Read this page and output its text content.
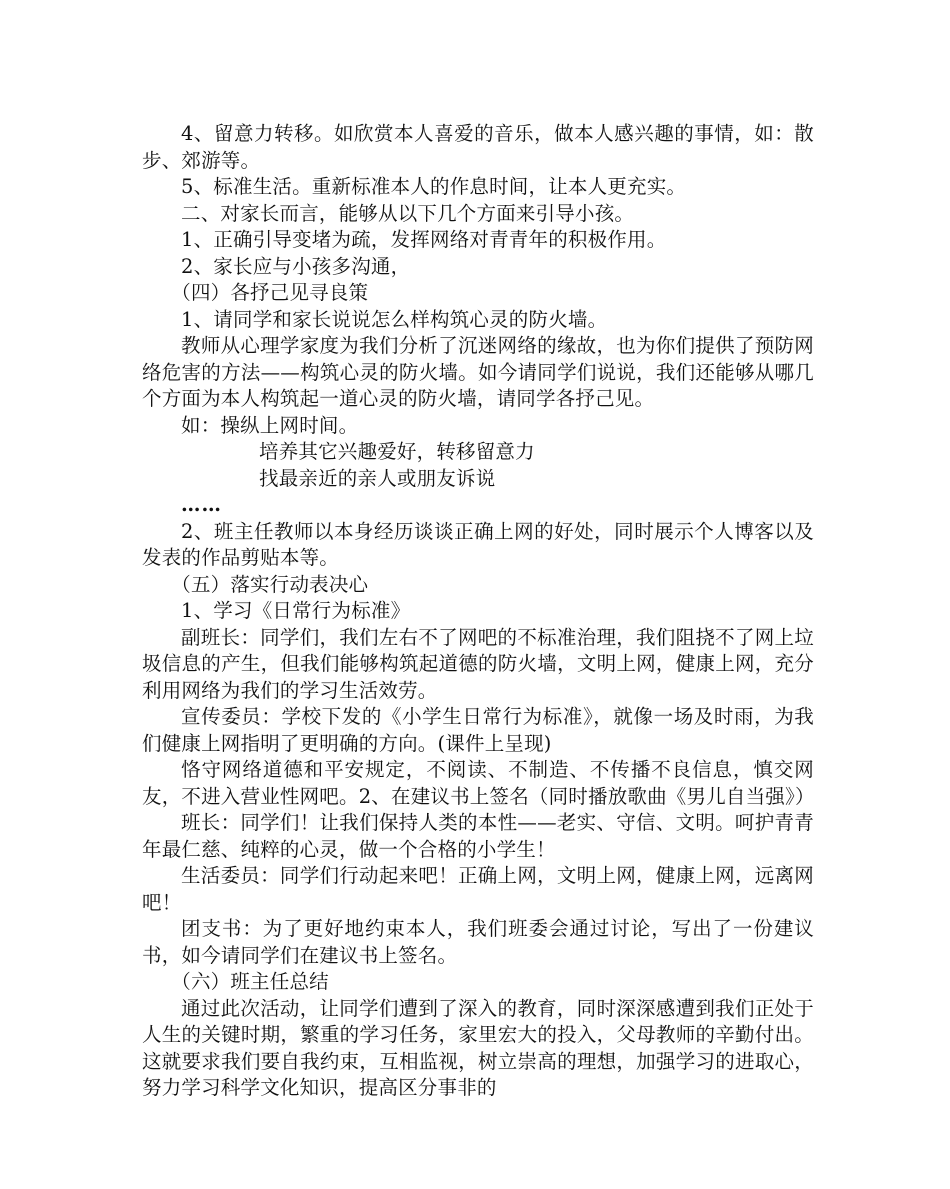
4、留意力转移。如欣赏本人喜爱的音乐，做本人感兴趣的事情，如：散步、郊游等。

5、标准生活。重新标准本人的作息时间，让本人更充实。

二、对家长而言，能够从以下几个方面来引导小孩。

1、正确引导变堵为疏，发挥网络对青青年的积极作用。

2、家长应与小孩多沟通，

（四）各抒己见寻良策

1、请同学和家长说说怎么样构筑心灵的防火墙。

教师从心理学家度为我们分析了沉迷网络的缘故，也为你们提供了预防网络危害的方法——构筑心灵的防火墙。如今请同学们说说，我们还能够从哪几个方面为本人构筑起一道心灵的防火墙，请同学各抒己见。

如：操纵上网时间。

培养其它兴趣爱好，转移留意力

找最亲近的亲人或朋友诉说

……

2、班主任教师以本身经历谈谈正确上网的好处，同时展示个人博客以及发表的作品剪贴本等。

（五）落实行动表决心

1、学习《日常行为标准》

副班长：同学们，我们左右不了网吧的不标准治理，我们阻挠不了网上垃圾信息的产生，但我们能够构筑起道德的防火墙，文明上网，健康上网，充分利用网络为我们的学习生活效劳。

宣传委员：学校下发的《小学生日常行为标准》，就像一场及时雨，为我们健康上网指明了更明确的方向。(课件上呈现)

恪守网络道德和平安规定，不阅读、不制造、不传播不良信息，慎交网友，不进入营业性网吧。2、在建议书上签名（同时播放歌曲《男儿自当强》）

班长：同学们！让我们保持人类的本性——老实、守信、文明。呵护青青年最仁慈、纯粹的心灵，做一个合格的小学生！

生活委员：同学们行动起来吧！正确上网，文明上网，健康上网，远离网吧！

团支书：为了更好地约束本人，我们班委会通过讨论，写出了一份建议书，如今请同学们在建议书上签名。

（六）班主任总结

通过此次活动，让同学们遭到了深入的教育，同时深深感遭到我们正处于人生的关键时期，繁重的学习任务，家里宏大的投入，父母教师的辛勤付出。这就要求我们要自我约束，互相监视，树立崇高的理想，加强学习的进取心，努力学习科学文化知识，提高区分事非的
